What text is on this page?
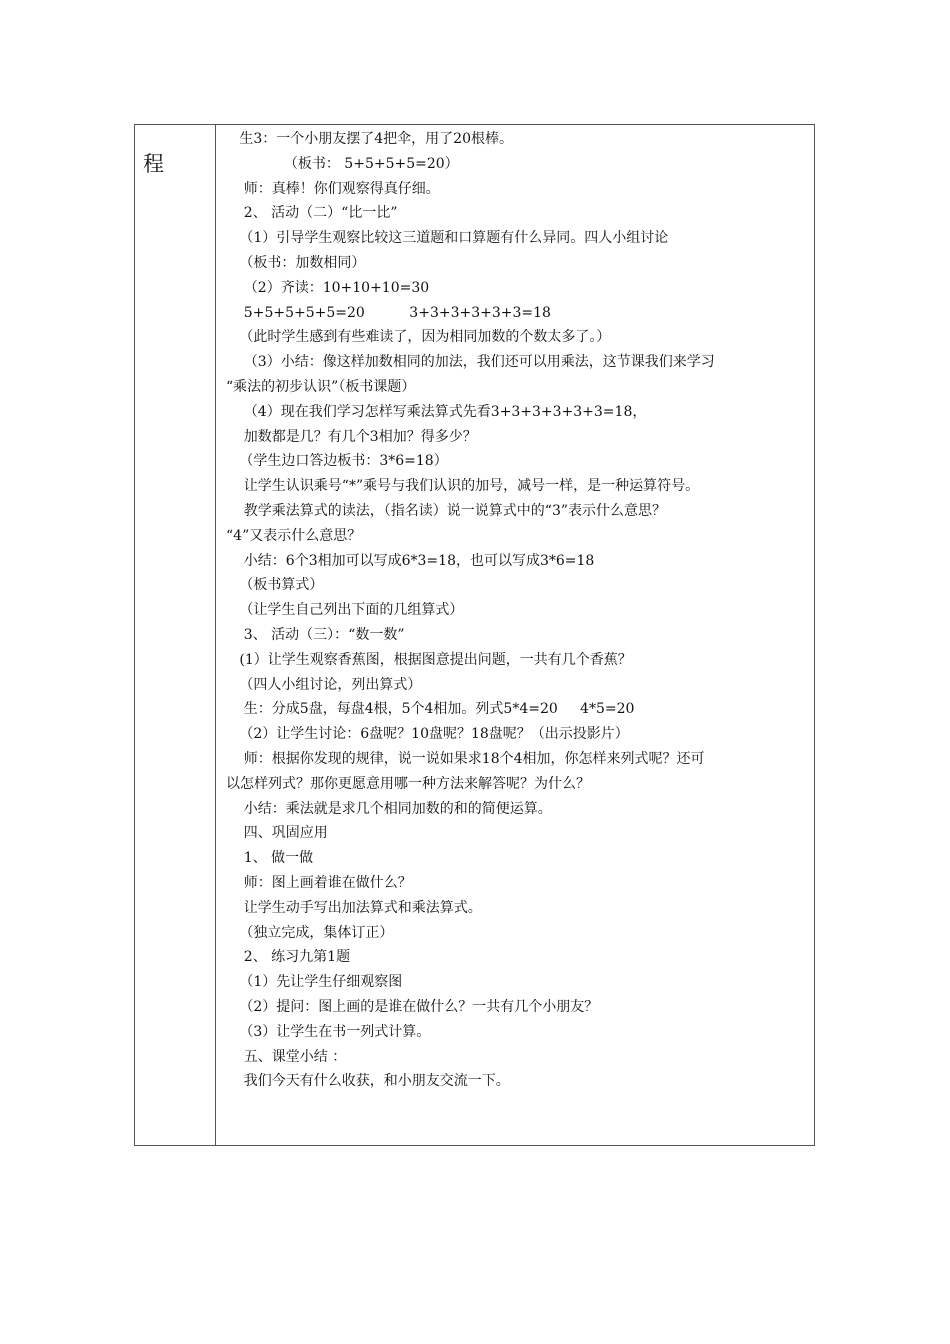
程
生3：一个小朋友摆了4把伞，用了20根棒。
（板书： 5+5+5+5=20）
师：真棒！你们观察得真仔细。
2、 活动（二）“比一比”
（1）引导学生观察比较这三道题和口算题有什么异同。四人小组讨论
（板书：加数相同）
（2）齐读：10+10+10=30
5+5+5+5+5=20          3+3+3+3+3+3=18
（此时学生感到有些难读了，因为相同加数的个数太多了。）
（3）小结：像这样加数相同的加法，我们还可以用乘法，这节课我们来学习
“乘法的初步认识”（板书课题）
（4）现在我们学习怎样写乘法算式先看3+3+3+3+3+3=18，
加数都是几？有几个3相加？得多少？
（学生边口答边板书：3*6=18）
让学生认识乘号“*”乘号与我们认识的加号，减号一样，是一种运算符号。
教学乘法算式的读法，（指名读）说一说算式中的“3”表示什么意思？
“4”又表示什么意思？
小结：6个3相加可以写成6*3=18，也可以写成3*6=18
（板书算式）
（让学生自己列出下面的几组算式）
3、 活动（三）：“数一数”
(1）让学生观察香蕉图，根据图意提出问题，一共有几个香蕉？
（四人小组讨论，列出算式）
生：分成5盘，每盘4根，5个4相加。列式5*4=20     4*5=20
（2）让学生讨论：6盘呢？10盘呢？18盘呢？（出示投影片）
师：根据你发现的规律，说一说如果求18个4相加，你怎样来列式呢？还可
以怎样列式？那你更愿意用哪一种方法来解答呢？为什么？
小结：乘法就是求几个相同加数的和的简便运算。
四、巩固应用
1、 做一做
师：图上画着谁在做什么？
让学生动手写出加法算式和乘法算式。
（独立完成，集体订正）
2、 练习九第1题
（1）先让学生仔细观察图
（2）提问：图上画的是谁在做什么？一共有几个小朋友？
（3）让学生在书一列式计算。
五、课堂小结 ：
我们今天有什么收获，和小朋友交流一下。
